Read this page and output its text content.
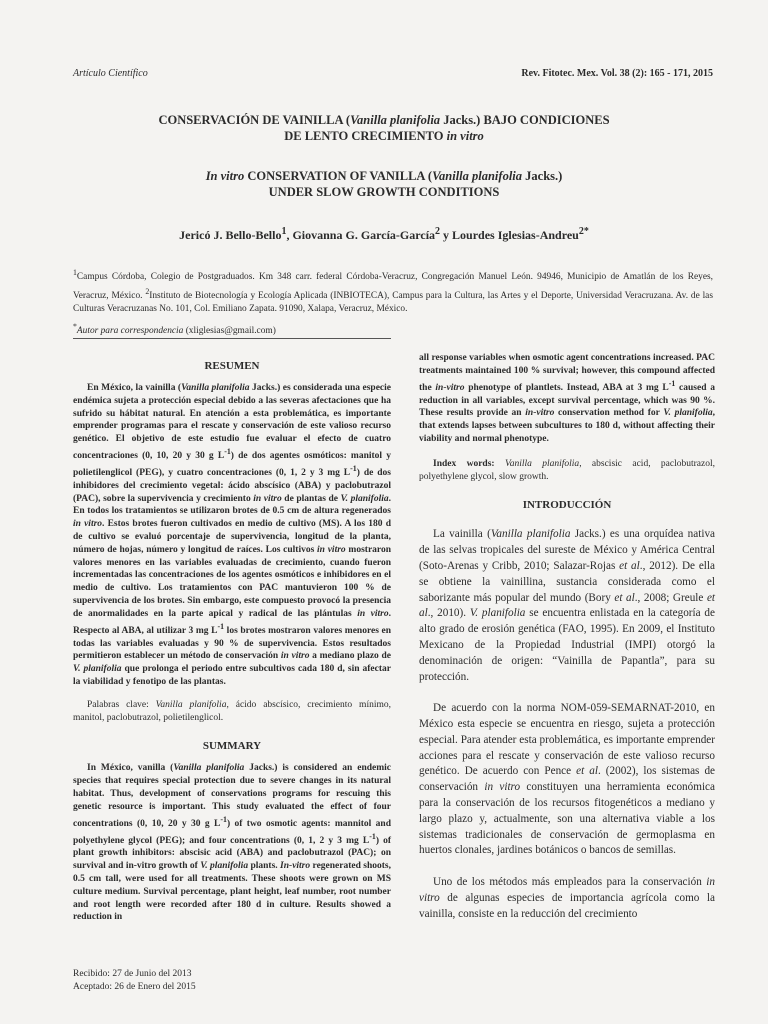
Artículo Científico	Rev. Fitotec. Mex. Vol. 38 (2): 165 - 171, 2015
CONSERVACIÓN DE VAINILLA (Vanilla planifolia Jacks.) BAJO CONDICIONES
DE LENTO CRECIMIENTO in vitro
In vitro CONSERVATION OF VANILLA (Vanilla planifolia Jacks.)
UNDER SLOW GROWTH CONDITIONS
Jericó J. Bello-Bello$^1$, Giovanna G. García-García$^2$ y Lourdes Iglesias-Andreu$^{2*}$
$^1$Campus Córdoba, Colegio de Postgraduados. Km 348 carr. federal Córdoba-Veracruz, Congregación Manuel León. 94946, Municipio de Amatlán de los Reyes, Veracruz, México. $^2$Instituto de Biotecnología y Ecología Aplicada (INBIOTECA), Campus para la Cultura, las Artes y el Deporte, Universidad Veracruzana. Av. de las Culturas Veracruzanas No. 101, Col. Emiliano Zapata. 91090, Xalapa, Veracruz, México.
*Autor para correspondencia (xliglesias@gmail.com)
RESUMEN

En México, la vainilla (Vanilla planifolia Jacks.) es considerada una especie endémica sujeta a protección especial debido a las severas afectaciones que ha sufrido su hábitat natural. En atención a esta problemática, es importante emprender programas para el rescate y conservación de este valioso recurso genético. El objetivo de este estudio fue evaluar el efecto de cuatro concentraciones (0, 10, 20 y 30 g $L^{-1}$) de dos agentes osmóticos: manitol y polietilenglicol (PEG), y cuatro concentraciones (0, 1, 2 y 3 mg $L^{-1}$) de dos inhibidores del crecimiento vegetal: ácido abscísico (ABA) y paclobutrazol (PAC), sobre la supervivencia y crecimiento in vitro de plantas de V. planifolia. En todos los tratamientos se utilizaron brotes de 0.5 cm de altura regenerados in vitro. Estos brotes fueron cultivados en medio de cultivo (MS). A los 180 d de cultivo se evaluó porcentaje de supervivencia, longitud de la planta, número de hojas, número y longitud de raíces. Los cultivos in vitro mostraron valores menores en las variables evaluadas de crecimiento, cuando fueron incrementadas las concentraciones de los agentes osmóticos e inhibidores en el medio de cultivo. Los tratamientos con PAC mantuvieron 100 % de supervivencia de los brotes. Sin embargo, este compuesto provocó la presencia de anormalidades en la parte apical y radical de las plántulas in vitro. Respecto al ABA, al utilizar 3 mg $L^{-1}$ los brotes mostraron valores menores en todas las variables evaluadas y 90 % de supervivencia. Estos resultados permitieron establecer un método de conservación in vitro a mediano plazo de V. planifolia que prolonga el periodo entre subcultivos cada 180 d, sin afectar la viabilidad y fenotipo de las plantas.

Palabras clave: Vanilla planifolia, ácido abscísico, crecimiento mínimo, manitol, paclobutrazol, polietilenglicol.

SUMMARY

In México, vanilla (Vanilla planifolia Jacks.) is considered an endemic species that requires special protection due to severe changes in its natural habitat. Thus, development of conservations programs for rescuing this genetic resource is important. This study evaluated the effect of four concentrations (0, 10, 20 y 30 g $L^{-1}$) of two osmotic agents: mannitol and polyethylene glycol (PEG); and four concentrations (0, 1, 2 y 3 mg $L^{-1}$) of plant growth inhibitors: abscisic acid (ABA) and paclobutrazol (PAC); on survival and in-vitro growth of V. planifolia plants. In-vitro regenerated shoots, 0.5 cm tall, were used for all treatments. These shoots were grown on MS culture medium. Survival percentage, plant height, leaf number, root number and root length were recorded after 180 d in culture. Results showed a reduction in

all response variables when osmotic agent concentrations increased. PAC treatments maintained 100 % survival; however, this compound affected the in-vitro phenotype of plantlets. Instead, ABA at 3 mg $L^{-1}$ caused a reduction in all variables, except survival percentage, which was 90 %. These results provide an in-vitro conservation method for V. planifolia, that extends lapses between subcultures to 180 d, without affecting their viability and normal phenotype.

Index words: Vanilla planifolia, abscisic acid, paclobutrazol, polyethylene glycol, slow growth.

INTRODUCCIÓN

La vainilla (Vanilla planifolia Jacks.) es una orquídea nativa de las selvas tropicales del sureste de México y América Central (Soto-Arenas y Cribb, 2010; Salazar-Rojas et al., 2012). De ella se obtiene la vainillina, sustancia considerada como el saborizante más popular del mundo (Bory et al., 2008; Greule et al., 2010). V. planifolia se encuentra enlistada en la categoría de alto grado de erosión genética (FAO, 1995). En 2009, el Instituto Mexicano de la Propiedad Industrial (IMPI) otorgó la denominación de origen: “Vainilla de Papantla”, para su protección.

De acuerdo con la norma NOM-059-SEMARNAT-2010, en México esta especie se encuentra en riesgo, sujeta a protección especial. Para atender esta problemática, es importante emprender acciones para el rescate y conservación de este valioso recurso genético. De acuerdo con Pence et al. (2002), los sistemas de conservación in vitro constituyen una herramienta económica para la conservación de los recursos fitogenéticos a mediano y largo plazo y, actualmente, son una alternativa viable a los sistemas tradicionales de conservación de germoplasma en huertos clonales, jardines botánicos o bancos de semillas.

Uno de los métodos más empleados para la conservación in vitro de algunas especies de importancia agrícola como la vainilla, consiste en la reducción del crecimiento

Recibido: 27 de Junio del 2013
Aceptado: 26 de Enero del 2015
